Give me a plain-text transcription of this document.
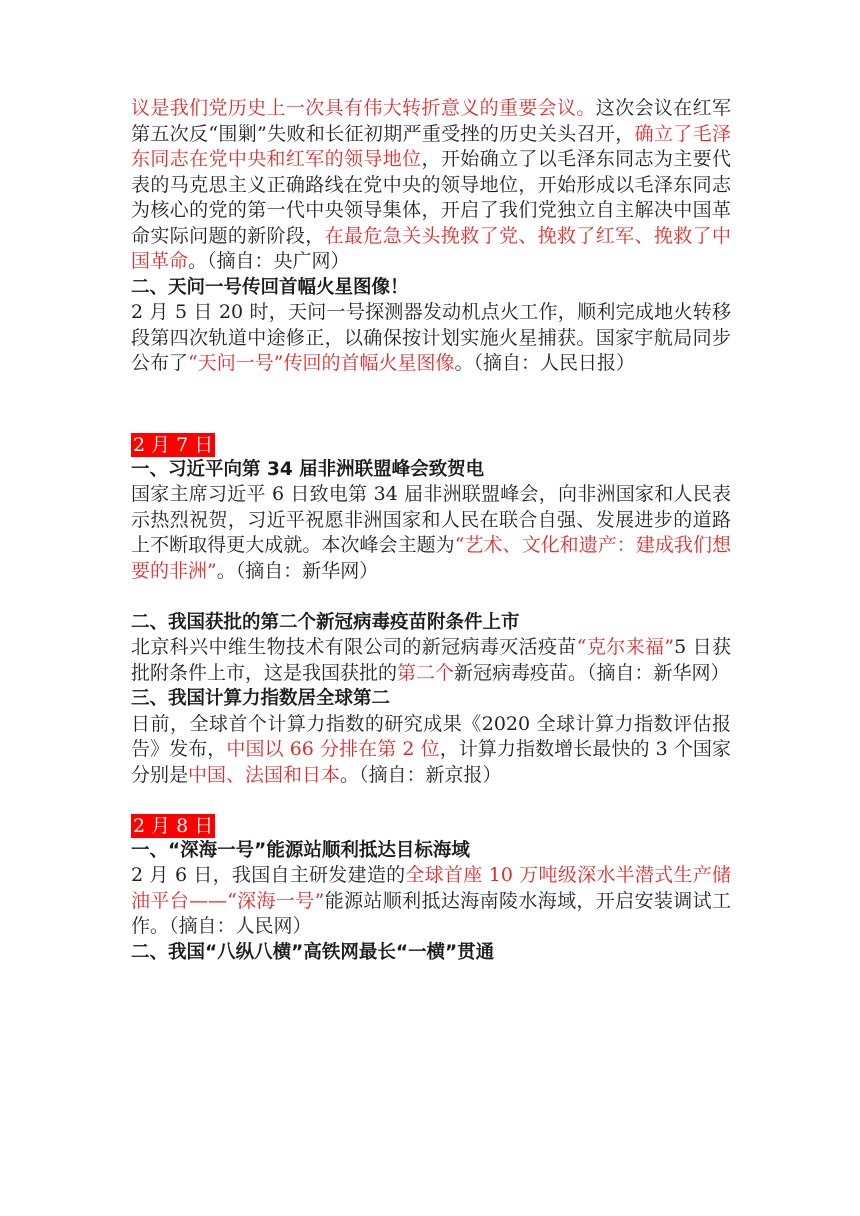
议是我们党历史上一次具有伟大转折意义的重要会议。这次会议在红军第五次反“围剿”失败和长征初期严重受挫的历史关头召开，确立了毛泽东同志在党中央和红军的领导地位，开始确立了以毛泽东同志为主要代表的马克思主义正确路线在党中央的领导地位，开始形成以毛泽东同志为核心的党的第一代中央领导集体，开启了我们党独立自主解决中国革命实际问题的新阶段，在最危急关头挽救了党、挽救了红军、挽救了中国革命。（摘自：央广网）
二、天问一号传回首幅火星图像！
2 月 5 日 20 时，天问一号探测器发动机点火工作，顺利完成地火转移段第四次轨道中途修正，以确保按计划实施火星捕获。国家宇航局同步公布了“天问一号”传回的首幅火星图像。（摘自：人民日报）
2 月 7 日
一、习近平向第 34 届非洲联盟峰会致贺电
国家主席习近平 6 日致电第 34 届非洲联盟峰会，向非洲国家和人民表示热烈祝贺，习近平祝愿非洲国家和人民在联合自强、发展进步的道路上不断取得更大成就。本次峰会主题为“艺术、文化和遗产：建成我们想要的非洲”。（摘自：新华网）
二、我国获批的第二个新冠病毒疫苗附条件上市
北京科兴中维生物技术有限公司的新冠病毒灭活疫苗“克尔来福”5 日获批附条件上市，这是我国获批的第二个新冠病毒疫苗。（摘自：新华网）
三、我国计算力指数居全球第二
日前，全球首个计算力指数的研究成果《2020 全球计算力指数评估报告》发布，中国以 66 分排在第 2 位，计算力指数增长最快的 3 个国家分别是中国、法国和日本。（摘自：新京报）
2 月 8 日
一、“深海一号”能源站顺利抵达目标海域
2 月 6 日，我国自主研发建造的全球首座 10 万吨级深水半潜式生产储油平台——“深海一号”能源站顺利抵达海南陵水海域，开启安装调试工作。（摘自：人民网）
二、我国“八纵八横”高铁网最长“一横”贯通
